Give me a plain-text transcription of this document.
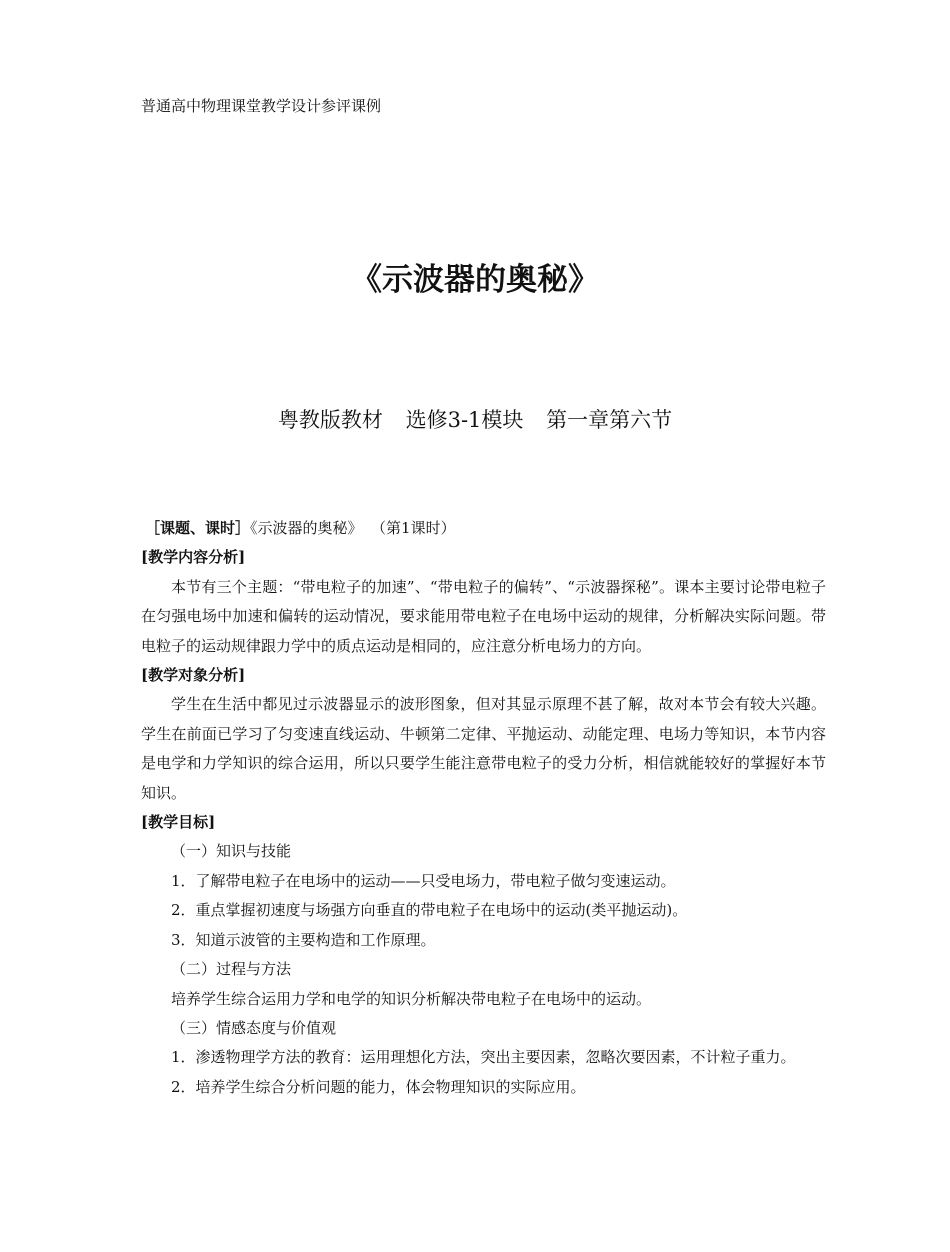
普通高中物理课堂教学设计参评课例
《示波器的奥秘》
粤教版教材 选修3-1模块 第一章第六节

［课题、课时］《示波器的奥秘》 （第1课时）

[教学内容分析]

本节有三个主题：“带电粒子的加速”、“带电粒子的偏转”、“示波器探秘”。课本主要讨论带电粒子在匀强电场中加速和偏转的运动情况，要求能用带电粒子在电场中运动的规律，分析解决实际问题。带电粒子的运动规律跟力学中的质点运动是相同的，应注意分析电场力的方向。

[教学对象分析]

学生在生活中都见过示波器显示的波形图象，但对其显示原理不甚了解，故对本节会有较大兴趣。学生在前面已学习了匀变速直线运动、牛顿第二定律、平抛运动、动能定理、电场力等知识，本节内容是电学和力学知识的综合运用，所以只要学生能注意带电粒子的受力分析，相信就能较好的掌握好本节知识。

[教学目标]

（一）知识与技能

1．了解带电粒子在电场中的运动——只受电场力，带电粒子做匀变速运动。

2．重点掌握初速度与场强方向垂直的带电粒子在电场中的运动(类平抛运动)。

3．知道示波管的主要构造和工作原理。

（二）过程与方法

培养学生综合运用力学和电学的知识分析解决带电粒子在电场中的运动。

（三）情感态度与价值观

1．渗透物理学方法的教育：运用理想化方法，突出主要因素，忽略次要因素，不计粒子重力。

2．培养学生综合分析问题的能力，体会物理知识的实际应用。
